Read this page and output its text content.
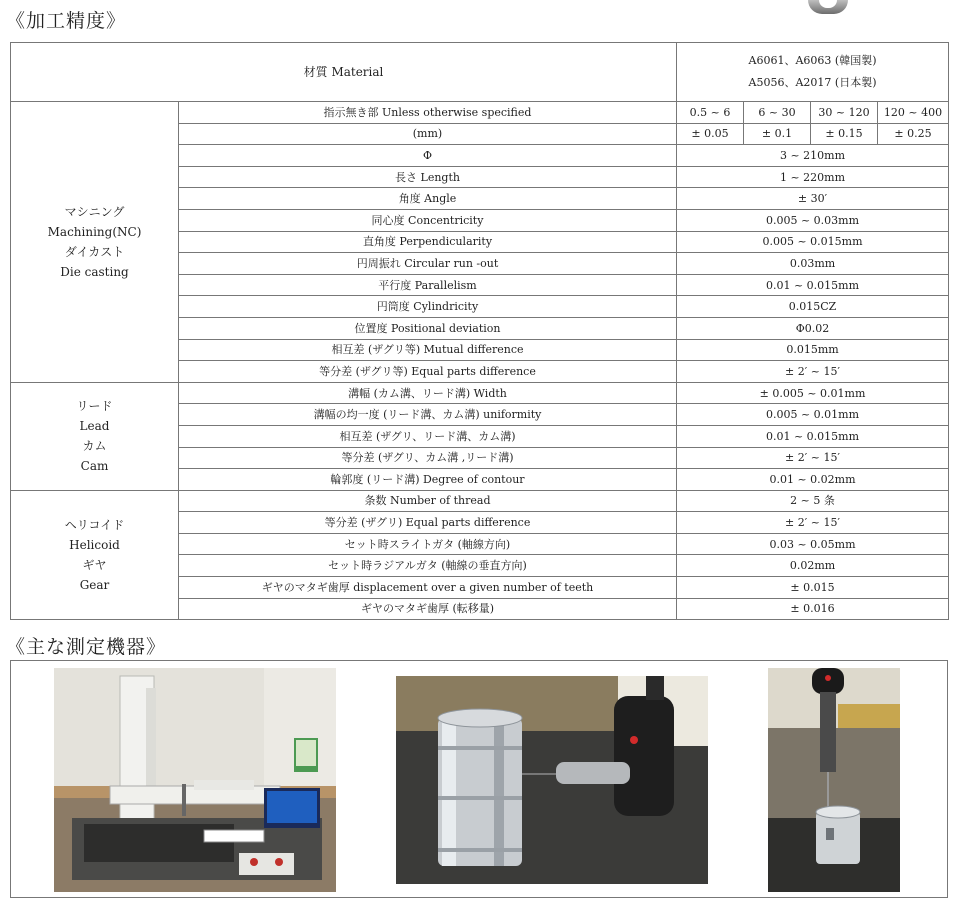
《加工精度》
材質 Material		A6061、A6063 (韓国製)
A5056、A2017 (日本製)			

マシニング
Machining(NC)
ダイカスト
Die casting	指示無き部 Unless otherwise specified	0.5 ~ 6	6 ~ 30	30 ~ 120	120 ~ 400
	(mm)	± 0.05	± 0.1	± 0.15	± 0.25
	Φ	3 ~ 210mm			
	長さ Length	1 ~ 220mm			
	角度 Angle	± 30′			
	同心度 Concentricity	0.005 ~ 0.03mm			
	直角度 Perpendicularity	0.005 ~ 0.015mm			
	円周振れ Circular run -out	0.03mm			
	平行度 Parallelism	0.01 ~ 0.015mm			
	円筒度 Cylindricity	0.015CZ			
	位置度 Positional deviation	Φ0.02			
	相互差 (ザグリ等) Mutual difference	0.015mm			
	等分差 (ザグリ等) Equal parts difference	± 2′ ~ 15′			

リード
Lead
カム
Cam	溝幅 (カム溝、リード溝) Width	± 0.005 ~ 0.01mm			
	溝幅の均一度 (リード溝、カム溝) uniformity	0.005 ~ 0.01mm			
	相互差 (ザグリ、リード溝、カム溝)	0.01 ~ 0.015mm			
	等分差 (ザグリ、カム溝 ,リード溝)	± 2′ ~ 15′			
	輪郭度 (リード溝) Degree of contour	0.01 ~ 0.02mm			

ヘリコイド
Helicoid
ギヤ
Gear	条数 Number of thread	2 ~ 5 条			
	等分差 (ザグリ) Equal parts difference	± 2′ ~ 15′			
	セット時スライトガタ (軸線方向)	0.03 ~ 0.05mm			
	セット時ラジアルガタ (軸線の垂直方向)	0.02mm			
	ギヤのマタギ歯厚 displacement over a given number of teeth	± 0.015			
	ギヤのマタギ歯厚 (転移量)	± 0.016			
《主な測定機器》
